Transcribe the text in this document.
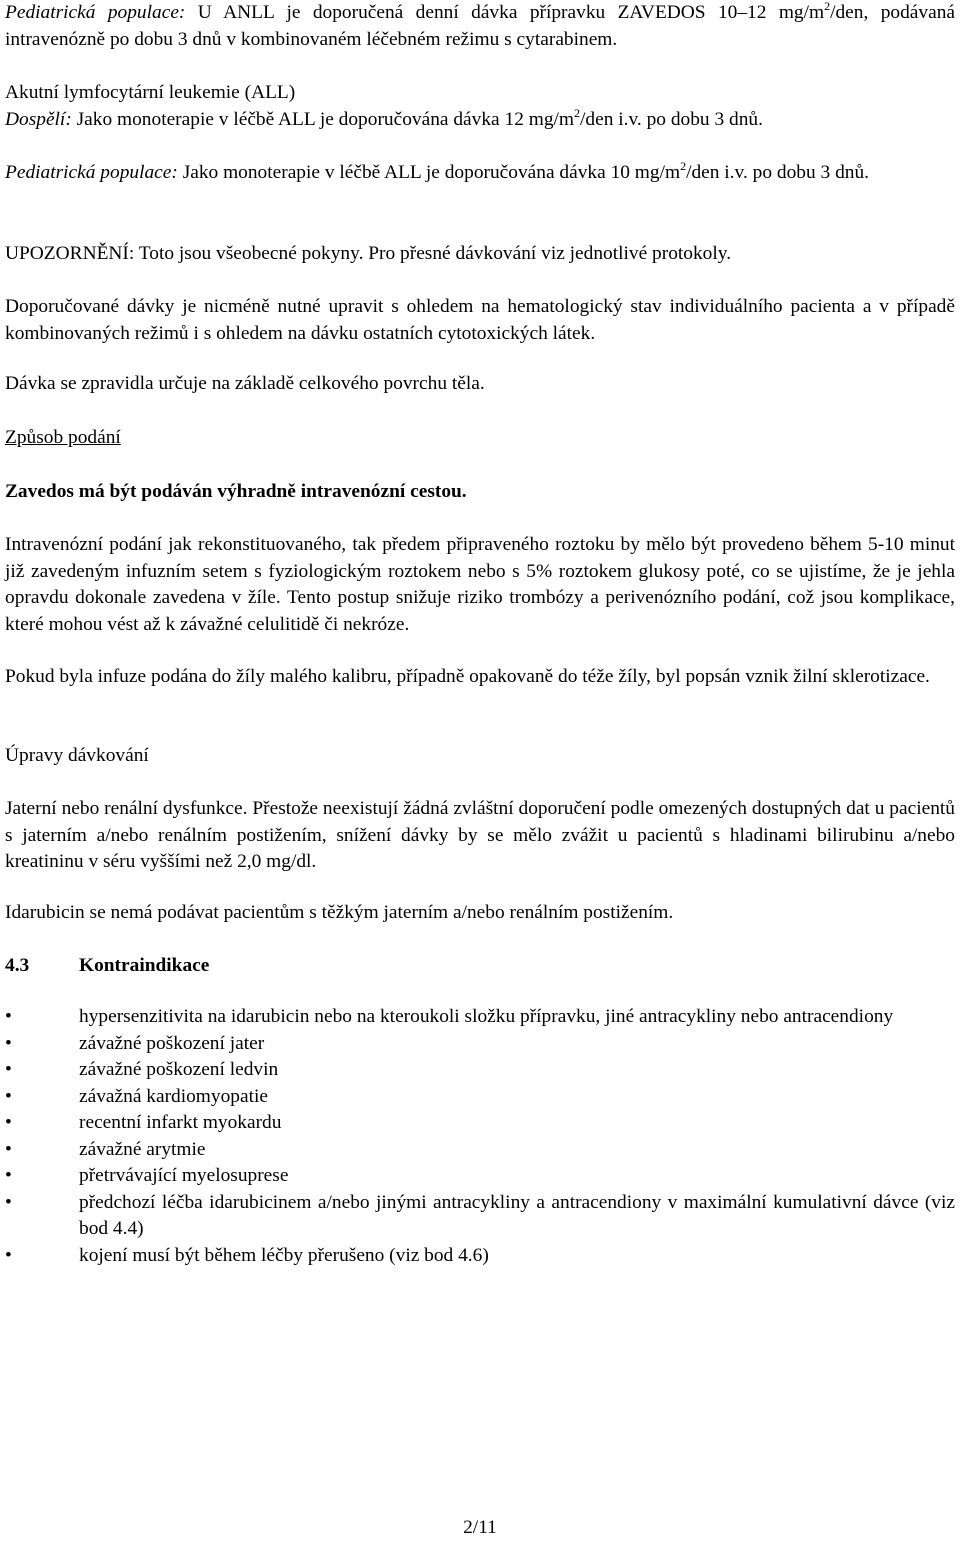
Pediatrická populace: U ANLL je doporučená denní dávka přípravku ZAVEDOS 10–12 $mg/m^2$/den, podávaná intravenózně po dobu 3 dnů v kombinovaném léčebném režimu s cytarabinem.

Akutní lymfocytární leukemie (ALL)

Dospělí: Jako monoterapie v léčbě ALL je doporučována dávka 12 $mg/m^2$/den i.v. po dobu 3 dnů.

Pediatrická populace: Jako monoterapie v léčbě ALL je doporučována dávka 10 $mg/m^2$/den i.v. po dobu 3 dnů.

UPOZORNĚNÍ: Toto jsou všeobecné pokyny. Pro přesné dávkování viz jednotlivé protokoly.

Doporučované dávky je nicméně nutné upravit s ohledem na hematologický stav individuálního pacienta a v případě kombinovaných režimů i s ohledem na dávku ostatních cytotoxických látek.

Dávka se zpravidla určuje na základě celkového povrchu těla.

Způsob podání

Zavedos má být podáván výhradně intravenózní cestou.

Intravenózní podání jak rekonstituovaného, tak předem připraveného roztoku by mělo být provedeno během 5-10 minut již zavedeným infuzním setem s fyziologickým roztokem nebo s 5% roztokem glukosy poté, co se ujistíme, že je jehla opravdu dokonale zavedena v žíle. Tento postup snižuje riziko trombózy a perivenózního podání, což jsou komplikace, které mohou vést až k závažné celulitidě či nekróze.

Pokud byla infuze podána do žíly malého kalibru, případně opakovaně do téže žíly, byl popsán vznik žilní sklerotizace.

Úpravy dávkování

Jaterní nebo renální dysfunkce. Přestože neexistují žádná zvláštní doporučení podle omezených dostupných dat u pacientů s jaterním a/nebo renálním postižením, snížení dávky by se mělo zvážit u pacientů s hladinami bilirubinu a/nebo kreatininu v séru vyššími než 2,0 mg/dl.

Idarubicin se nemá podávat pacientům s těžkým jaterním a/nebo renálním postižením.

4.3	Kontraindikace

•	hypersenzitivita na idarubicin nebo na kteroukoli složku přípravku, jiné antracykliny nebo antracendiony
•	závažné poškození jater
•	závažné poškození ledvin
•	závažná kardiomyopatie
•	recentní infarkt myokardu
•	závažné arytmie
•	přetrvávající myelosuprese
•	předchozí léčba idarubicinem a/nebo jinými antracykliny a antracendiony v maximální kumulativní dávce (viz bod 4.4)
•	kojení musí být během léčby přerušeno (viz bod 4.6)

2/11
